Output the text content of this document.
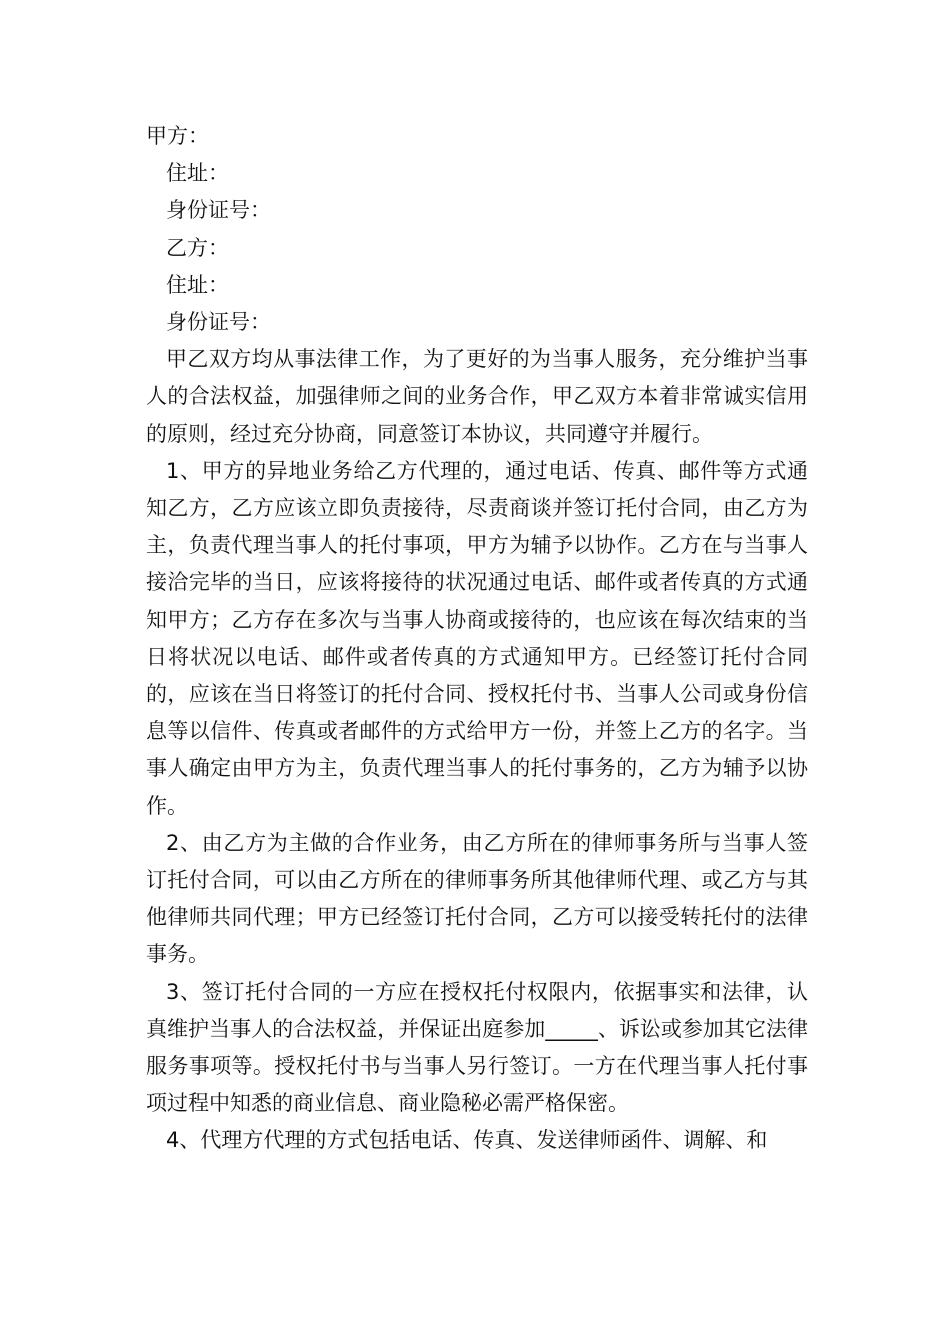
甲方：

住址：

身份证号：

乙方：

住址：

身份证号：

甲乙双方均从事法律工作，为了更好的为当事人服务，充分维护当事人的合法权益，加强律师之间的业务合作，甲乙双方本着非常诚实信用的原则，经过充分协商，同意签订本协议，共同遵守并履行。

1、甲方的异地业务给乙方代理的，通过电话、传真、邮件等方式通知乙方，乙方应该立即负责接待，尽责商谈并签订托付合同，由乙方为主，负责代理当事人的托付事项，甲方为辅予以协作。乙方在与当事人接洽完毕的当日，应该将接待的状况通过电话、邮件或者传真的方式通知甲方；乙方存在多次与当事人协商或接待的，也应该在每次结束的当日将状况以电话、邮件或者传真的方式通知甲方。已经签订托付合同的，应该在当日将签订的托付合同、授权托付书、当事人公司或身份信息等以信件、传真或者邮件的方式给甲方一份，并签上乙方的名字。当事人确定由甲方为主，负责代理当事人的托付事务的，乙方为辅予以协作。

2、由乙方为主做的合作业务，由乙方所在的律师事务所与当事人签订托付合同，可以由乙方所在的律师事务所其他律师代理、或乙方与其他律师共同代理；甲方已经签订托付合同，乙方可以接受转托付的法律事务。

3、签订托付合同的一方应在授权托付权限内，依据事实和法律，认真维护当事人的合法权益，并保证出庭参加_____、诉讼或参加其它法律服务事项等。授权托付书与当事人另行签订。一方在代理当事人托付事项过程中知悉的商业信息、商业隐秘必需严格保密。

4、代理方代理的方式包括电话、传真、发送律师函件、调解、和
